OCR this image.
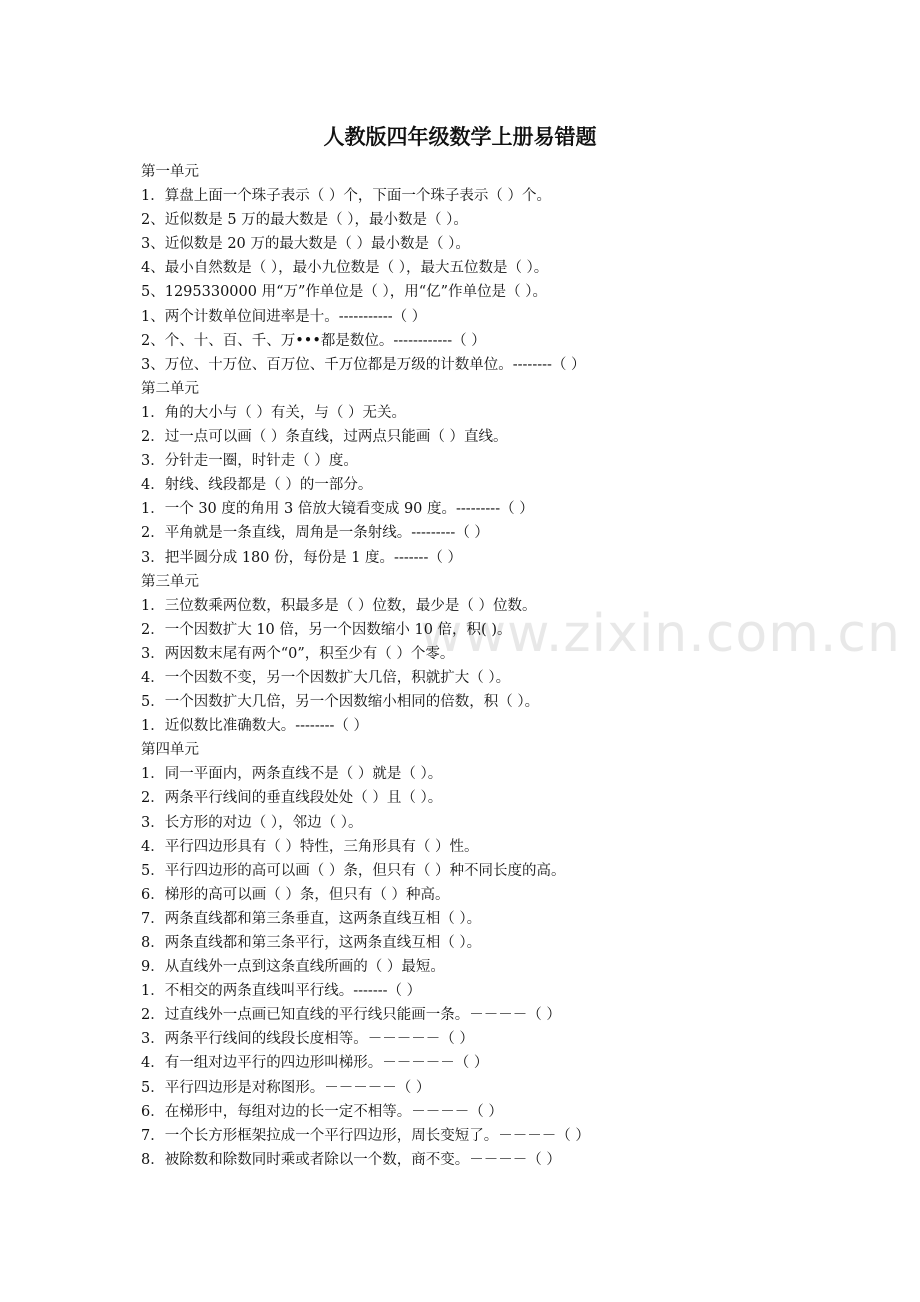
人教版四年级数学上册易错题
第一单元
1．算盘上面一个珠子表示（ ）个，下面一个珠子表示（ ）个。
2、近似数是 5 万的最大数是（ ），最小数是（ ）。
3、近似数是 20 万的最大数是（ ）最小数是（ ）。
4、最小自然数是（ ），最小九位数是（ ），最大五位数是（ ）。
5、1295330000 用“万”作单位是（ ），用“亿”作单位是（ ）。
1、两个计数单位间进率是十。-----------（ ）
2、个、十、百、千、万•••都是数位。------------（ ）
3、万位、十万位、百万位、千万位都是万级的计数单位。--------（ ）
第二单元
1．角的大小与（ ）有关，与（ ）无关。
2．过一点可以画（ ）条直线，过两点只能画（ ）直线。
3．分针走一圈，时针走（ ）度。
4．射线、线段都是（ ）的一部分。
1．一个 30 度的角用 3 倍放大镜看变成 90 度。---------（ ）
2．平角就是一条直线，周角是一条射线。---------（ ）
3．把半圆分成 180 份，每份是 1 度。-------（ ）
第三单元
1．三位数乘两位数，积最多是（ ）位数，最少是（ ）位数。
2．一个因数扩大 10 倍，另一个因数缩小 10 倍，积( )。
3．两因数末尾有两个“0”，积至少有（ ）个零。
4．一个因数不变，另一个因数扩大几倍，积就扩大（ ）。
5．一个因数扩大几倍，另一个因数缩小相同的倍数，积（ ）。
1．近似数比准确数大。--------（ ）
第四单元
1．同一平面内，两条直线不是（ ）就是（ ）。
2．两条平行线间的垂直线段处处（ ）且（ ）。
3．长方形的对边（ ），邻边（ ）。
4．平行四边形具有（ ）特性，三角形具有（ ）性。
5．平行四边形的高可以画（ ）条，但只有（ ）种不同长度的高。
6．梯形的高可以画（ ）条，但只有（ ）种高。
7．两条直线都和第三条垂直，这两条直线互相（ ）。
8．两条直线都和第三条平行，这两条直线互相（ ）。
9．从直线外一点到这条直线所画的（ ）最短。
1．不相交的两条直线叫平行线。-------（ ）
2．过直线外一点画已知直线的平行线只能画一条。－－－－（ ）
3．两条平行线间的线段长度相等。－－－－－（ ）
4．有一组对边平行的四边形叫梯形。－－－－－（ ）
5．平行四边形是对称图形。－－－－－（ ）
6．在梯形中，每组对边的长一定不相等。－－－－（ ）
7．一个长方形框架拉成一个平行四边形，周长变短了。－－－－（ ）
8．被除数和除数同时乘或者除以一个数，商不变。－－－－（ ）
www.zixin.com.cn
